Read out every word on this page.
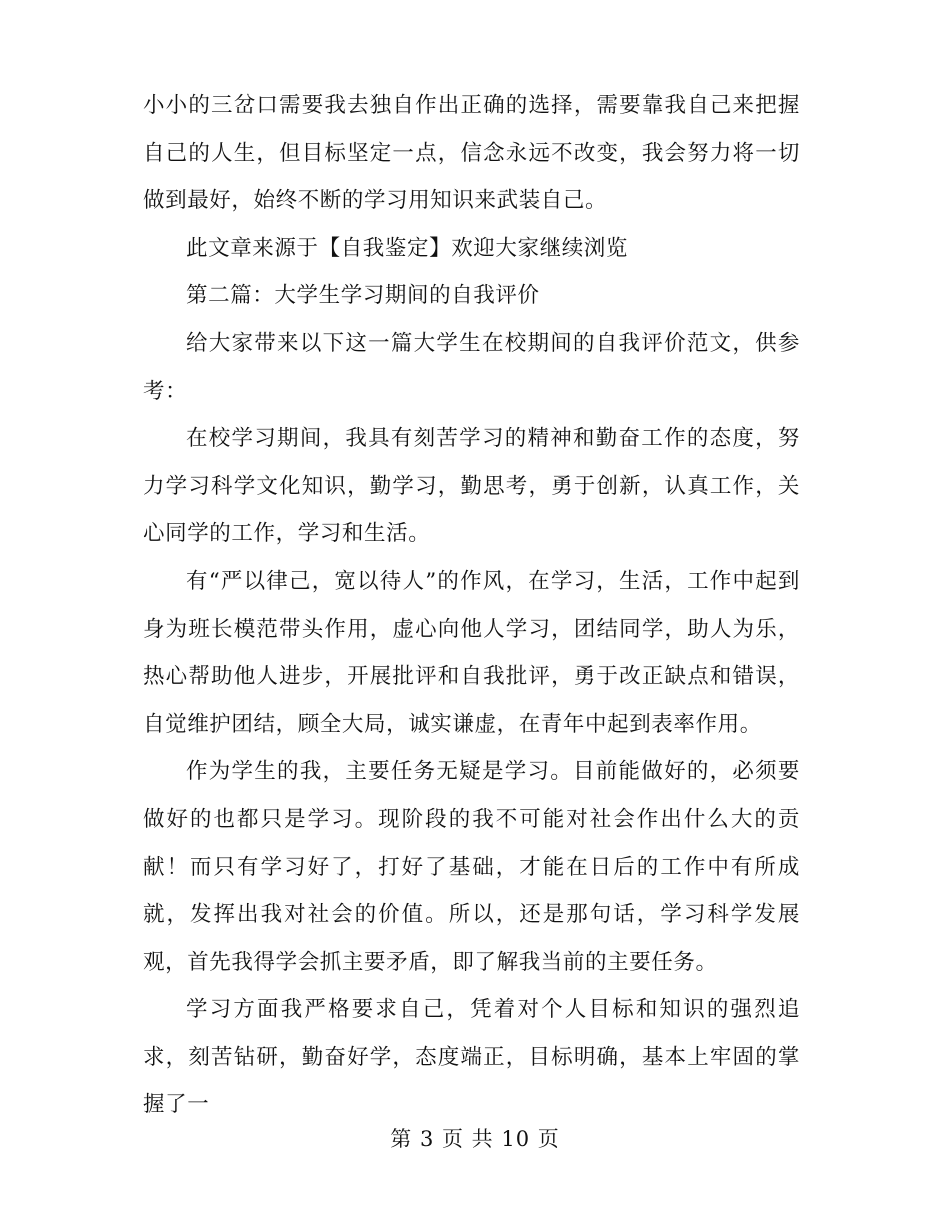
小小的三岔口需要我去独自作出正确的选择，需要靠我自己来把握自己的人生，但目标坚定一点，信念永远不改变，我会努力将一切做到最好，始终不断的学习用知识来武装自己。

此文章来源于【自我鉴定】欢迎大家继续浏览

第二篇：大学生学习期间的自我评价

给大家带来以下这一篇大学生在校期间的自我评价范文，供参考：

在校学习期间，我具有刻苦学习的精神和勤奋工作的态度，努力学习科学文化知识，勤学习，勤思考，勇于创新，认真工作，关心同学的工作，学习和生活。

有“严以律己，宽以待人”的作风，在学习，生活，工作中起到身为班长模范带头作用，虚心向他人学习，团结同学，助人为乐，热心帮助他人进步，开展批评和自我批评，勇于改正缺点和错误，自觉维护团结，顾全大局，诚实谦虚，在青年中起到表率作用。

作为学生的我，主要任务无疑是学习。目前能做好的，必须要做好的也都只是学习。现阶段的我不可能对社会作出什么大的贡献！而只有学习好了，打好了基础，才能在日后的工作中有所成就，发挥出我对社会的价值。所以，还是那句话，学习科学发展观，首先我得学会抓主要矛盾，即了解我当前的主要任务。

学习方面我严格要求自己，凭着对个人目标和知识的强烈追求，刻苦钻研，勤奋好学，态度端正，目标明确，基本上牢固的掌握了一

第 3 页 共 10 页
